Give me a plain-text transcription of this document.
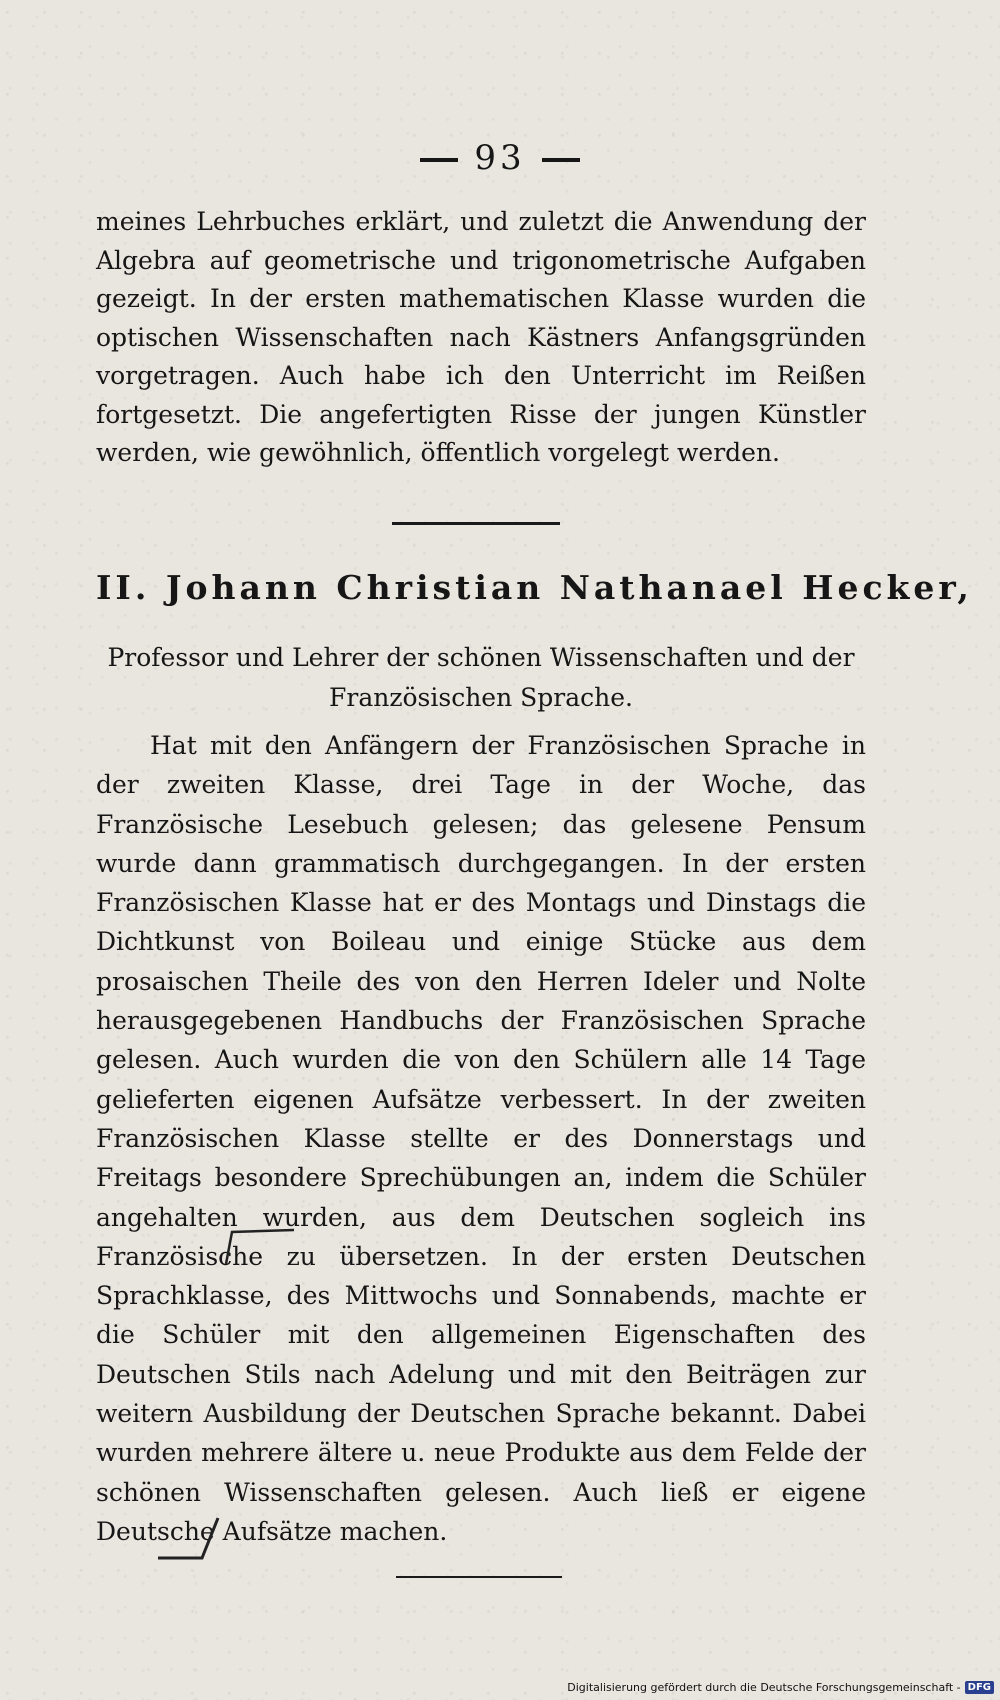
93
meines Lehrbuches erklärt, und zuletzt die Anwendung der Algebra auf geometrische und trigonometrische Aufgaben gezeigt. In der ersten mathematischen Klasse wurden die optischen Wissenschaften nach Kästners Anfangsgründen vorgetragen. Auch habe ich den Unterricht im Reißen fortgesetzt. Die angefertigten Risse der jungen Künstler werden, wie gewöhnlich, öffentlich vorgelegt werden.
II. Johann Christian Nathanael Hecker,
Professor und Lehrer der schönen Wissenschaften und der
Französischen Sprache.
Hat mit den Anfängern der Französischen Sprache in der zweiten Klasse, drei Tage in der Woche, das Französische Lesebuch gelesen; das gelesene Pensum wurde dann grammatisch durchgegangen. In der ersten Französischen Klasse hat er des Montags und Dinstags die Dichtkunst von Boileau und einige Stücke aus dem prosaischen Theile des von den Herren Ideler und Nolte herausgegebenen Handbuchs der Französischen Sprache gelesen. Auch wurden die von den Schülern alle 14 Tage gelieferten eigenen Aufsätze verbessert. In der zweiten Französischen Klasse stellte er des Donnerstags und Freitags besondere Sprechübungen an, indem die Schüler angehalten wurden, aus dem Deutschen sogleich ins Französische zu übersetzen. In der ersten Deutschen Sprachklasse, des Mittwochs und Sonnabends, machte er die Schüler mit den allgemeinen Eigenschaften des Deutschen Stils nach Adelung und mit den Beiträgen zur weitern Ausbildung der Deutschen Sprache bekannt. Dabei wurden mehrere ältere u. neue Produkte aus dem Felde der schönen Wissenschaften gelesen. Auch ließ er eigene Deutsche Aufsätze machen.
Digitalisierung gefördert durch die Deutsche Forschungsgemeinschaft - DFG
